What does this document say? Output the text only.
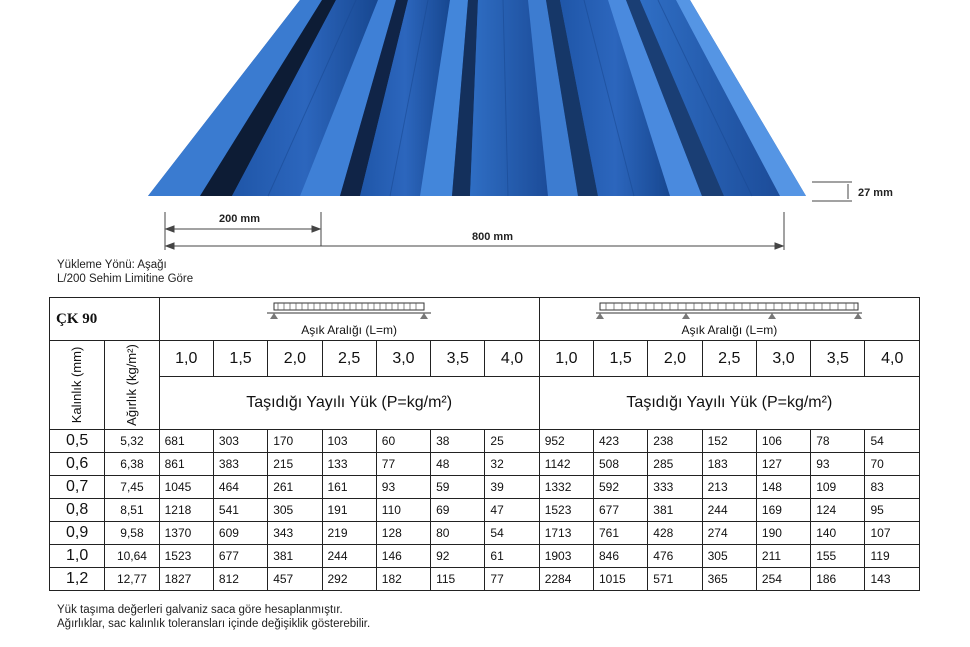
27 mm
200 mm
800 mm
Yükleme Yönü: Aşağı
L/200 Sehim Limitine Göre
ÇK 90		Aşık Aralığı (L=m)							Aşık Aralığı (L=m)						

Kalınlık (mm)	Ağırlık (kg/m²)	1,0	1,5	2,0	2,5	3,0	3,5	4,0	1,0	1,5	2,0	2,5	3,0	3,5	4,0
		Taşıdığı Yayılı Yük (P=kg/m²)							Taşıdığı Yayılı Yük (P=kg/m²)						
0,5	5,32	681	303	170	103	60	38	25	952	423	238	152	106	78	54
0,6	6,38	861	383	215	133	77	48	32	1142	508	285	183	127	93	70
0,7	7,45	1045	464	261	161	93	59	39	1332	592	333	213	148	109	83
0,8	8,51	1218	541	305	191	110	69	47	1523	677	381	244	169	124	95
0,9	9,58	1370	609	343	219	128	80	54	1713	761	428	274	190	140	107
1,0	10,64	1523	677	381	244	146	92	61	1903	846	476	305	211	155	119
1,2	12,77	1827	812	457	292	182	115	77	2284	1015	571	365	254	186	143
Yük taşıma değerleri galvaniz saca göre hesaplanmıştır.
Ağırlıklar, sac kalınlık toleransları içinde değişiklik gösterebilir.
